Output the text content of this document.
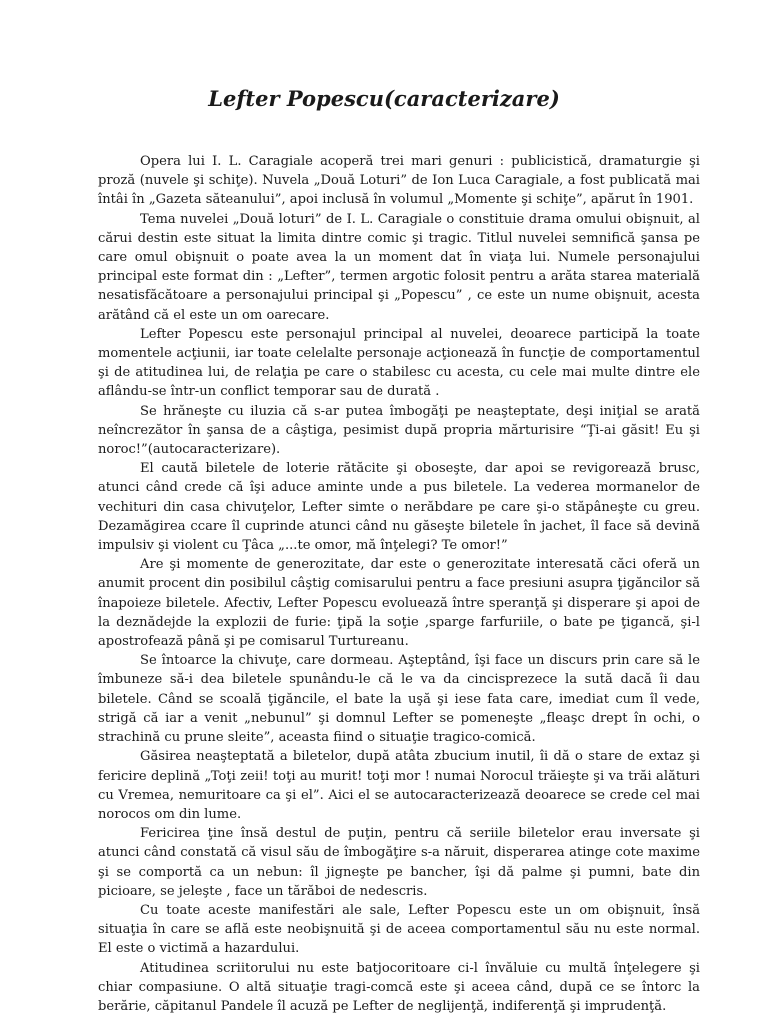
Lefter Popescu(caracterizare)

Opera lui I. L. Caragiale acoperă trei mari genuri : publicistică, dramaturgie şi proză (nuvele şi schiţe). Nuvela „Două Loturi” de Ion Luca Caragiale, a fost publicată mai întâi în „Gazeta săteanului”, apoi inclusă în volumul „Momente şi schiţe”, apărut în 1901.

Tema nuvelei „Două loturi” de I. L. Caragiale o constituie drama omului obişnuit, al cărui destin este situat la limita dintre comic şi tragic. Titlul nuvelei semnifică şansa pe care omul obişnuit o poate avea la un moment dat în viaţa lui. Numele personajului principal este format din : „Lefter”, termen argotic folosit pentru a arăta starea materială nesatisfăcătoare a personajului principal şi „Popescu” , ce este un nume obişnuit, acesta arătând că el este un om oarecare.

Lefter Popescu este personajul principal al nuvelei, deoarece participă la toate momentele acţiunii, iar toate celelalte personaje acţionează în funcţie de comportamentul şi de atitudinea lui, de relaţia pe care o stabilesc cu acesta, cu cele mai multe dintre ele aflându-se într-un conflict temporar sau de durată .

Se hrăneşte cu iluzia că s-ar putea îmbogăţi pe neaşteptate, deşi iniţial se arată neîncrezător în şansa de a câştiga, pesimist după propria mărturisire “Ţi-ai găsit! Eu şi noroc!”(autocaracterizare).

El caută biletele de loterie rătăcite şi oboseşte, dar apoi se revigorează brusc, atunci când crede că îşi aduce aminte unde a pus biletele. La vederea mormanelor de vechituri din casa chivuţelor, Lefter simte o nerăbdare pe care şi-o stăpâneşte cu greu. Dezamăgirea ccare îl cuprinde atunci când nu găseşte biletele în jachet, îl face să devină impulsiv şi violent cu Ţâca „...te omor, mă înţelegi? Te omor!”

Are şi momente de generozitate, dar este o generozitate interesată căci oferă un anumit procent din posibilul câştig comisarului pentru a face presiuni asupra ţigăncilor să înapoieze biletele. Afectiv, Lefter Popescu evoluează între speranţă şi disperare şi apoi de la deznădejde la explozii de furie: ţipă la soţie ,sparge farfuriile, o bate pe ţigancă, şi-l apostrofează până şi pe comisarul Turtureanu.

Se întoarce la chivuţe, care dormeau. Aşteptând, îşi face un discurs prin care să le îmbuneze să-i dea biletele spunându-le că le va da cincisprezece la sută dacă îi dau biletele. Când se scoală ţigăncile, el bate la uşă şi iese fata care, imediat cum îl vede, strigă că iar a venit „nebunul” şi domnul Lefter se pomeneşte „fleaşc drept în ochi, o strachină cu prune sleite”, aceasta fiind o situaţie tragico-comică.

Găsirea neaşteptată a biletelor, după atâta zbucium inutil, îi dă o stare de extaz şi fericire deplină „Toţi zeii! toţi au murit! toţi mor ! numai Norocul trăieşte şi va trăi alături cu Vremea, nemuritoare ca şi el”. Aici el se autocaracterizează deoarece se crede cel mai norocos om din lume.

Fericirea ţine însă destul de puţin, pentru că seriile biletelor erau inversate şi atunci când constată că visul său de îmbogăţire s-a năruit, disperarea atinge cote maxime şi se comportă ca un nebun: îl jigneşte pe bancher, îşi dă palme şi pumni, bate din picioare, se jeleşte , face un tărăboi de nedescris.

Cu toate aceste manifestări ale sale, Lefter Popescu este un om obişnuit, însă situaţia în care se află este neobişnuită şi de aceea comportamentul său nu este normal. El este o victimă a hazardului.

Atitudinea scriitorului nu este batjocoritoare ci-l învăluie cu multă înţelegere şi chiar compasiune. O altă situaţie tragi-comcă este şi aceea când, după ce se întorc la berărie, căpitanul Pandele îl acuză pe Lefter de neglijenţă, indiferenţă şi imprudenţă.
